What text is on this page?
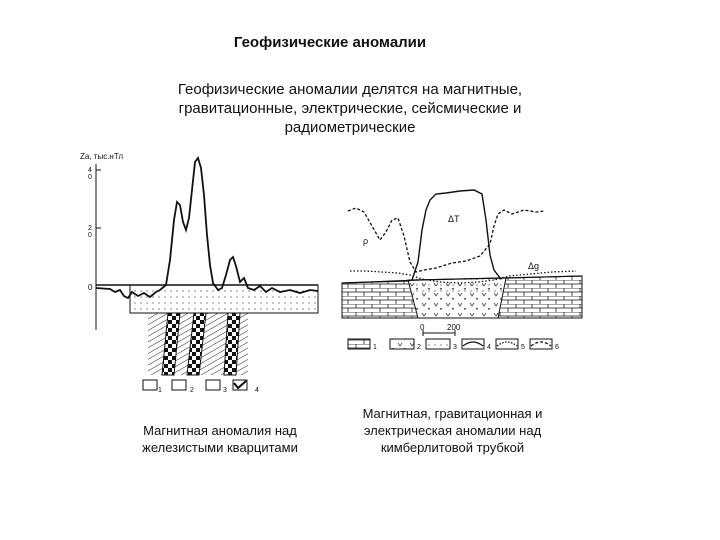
Геофизические аномалии
Геофизические аномалии делятся на магнитные,
гравитационные, электрические, сейсмические и
радиометрические
Za, тыс.нТл
4
0
2
0
0
1	2	3	4
ΔT
ρ
Δg
0	200
1	2	3	4	5	6
Магнитная аномалия над
железистыми кварцитами
Магнитная, гравитационная и
электрическая аномалии над
кимберлитовой трубкой
